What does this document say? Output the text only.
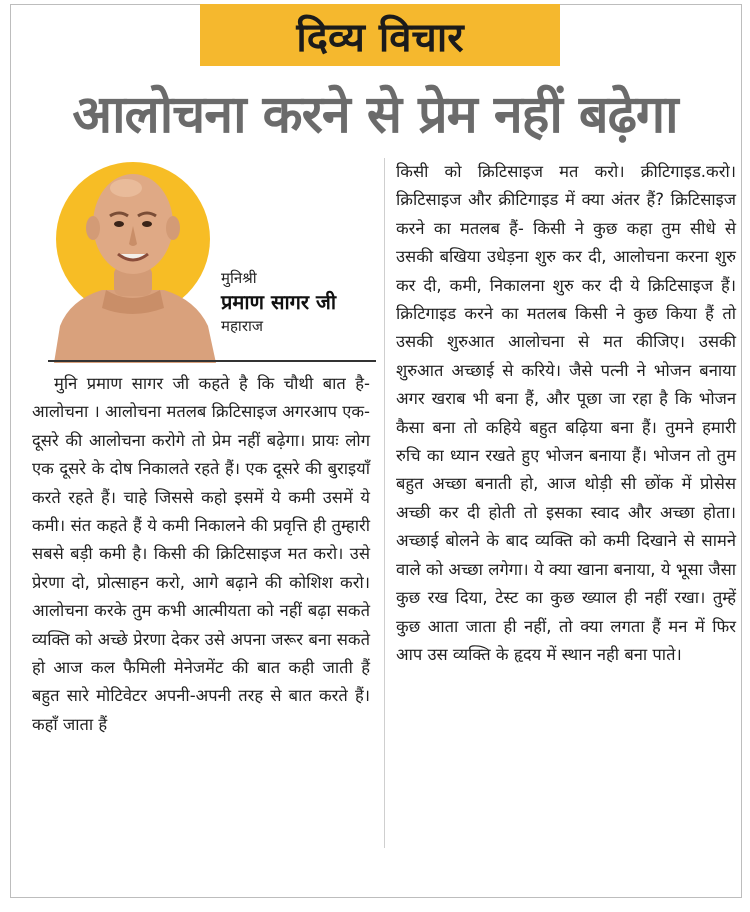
दिव्य विचार
आलोचना करने से प्रेम नहीं बढ़ेगा
मुनिश्री
प्रमाण सागर जी
महाराज

मुनि प्रमाण सागर जी कहते है कि चौथी बात है- आलोचना । आलोचना मतलब क्रिटिसाइज अगरआप एक-दूसरे की आलोचना करोगे तो प्रेम नहीं बढ़ेगा। प्रायः लोग एक दूसरे के दोष निकालते रहते हैं। एक दूसरे की बुराइयाँ करते रहते हैं। चाहे जिससे कहो इसमें ये कमी उसमें ये कमी। संत कहते हैं ये कमी निकालने की प्रवृत्ति ही तुम्हारी सबसे बड़ी कमी है। किसी की क्रिटिसाइज मत करो। उसे प्रेरणा दो, प्रोत्साहन करो, आगे बढ़ाने की कोशिश करो। आलोचना करके तुम कभी आत्मीयता को नहीं बढ़ा सकते व्यक्ति को अच्छे प्रेरणा देकर उसे अपना जरूर बना सकते हो आज कल फैमिली मेनेजमेंट की बात कही जाती हैं बहुत सारे मोटिवेटर अपनी-अपनी तरह से बात करते हैं। कहाँ जाता हैं

किसी को क्रिटिसाइज मत करो। क्रीटिगाइड.करो। क्रिटिसाइज और क्रीटिगाइड में क्या अंतर हैं? क्रिटिसाइज करने का मतलब हैं- किसी ने कुछ कहा तुम सीधे से उसकी बखिया उधेड़ना शुरु कर दी, आलोचना करना शुरु कर दी, कमी, निकालना शुरु कर दी ये क्रिटिसाइज हैं। क्रिटिगाइड करने का मतलब किसी ने कुछ किया हैं तो उसकी शुरुआत आलोचना से मत कीजिए। उसकी शुरुआत अच्छाई से करिये। जैसे पत्नी ने भोजन बनाया अगर खराब भी बना हैं, और पूछा जा रहा है कि भोजन कैसा बना तो कहिये बहुत बढ़िया बना हैं। तुमने हमारी रुचि का ध्यान रखते हुए भोजन बनाया हैं। भोजन तो तुम बहुत अच्छा बनाती हो, आज थोड़ी सी छोंक में प्रोसेस अच्छी कर दी होती तो इसका स्वाद और अच्छा होता। अच्छाई बोलने के बाद व्यक्ति को कमी दिखाने से सामने वाले को अच्छा लगेगा। ये क्या खाना बनाया, ये भूसा जैसा कुछ रख दिया, टेस्ट का कुछ ख्याल ही नहीं रखा। तुम्हें कुछ आता जाता ही नहीं, तो क्या लगता हैं मन में फिर आप उस व्यक्ति के हृदय में स्थान नही बना पाते।
